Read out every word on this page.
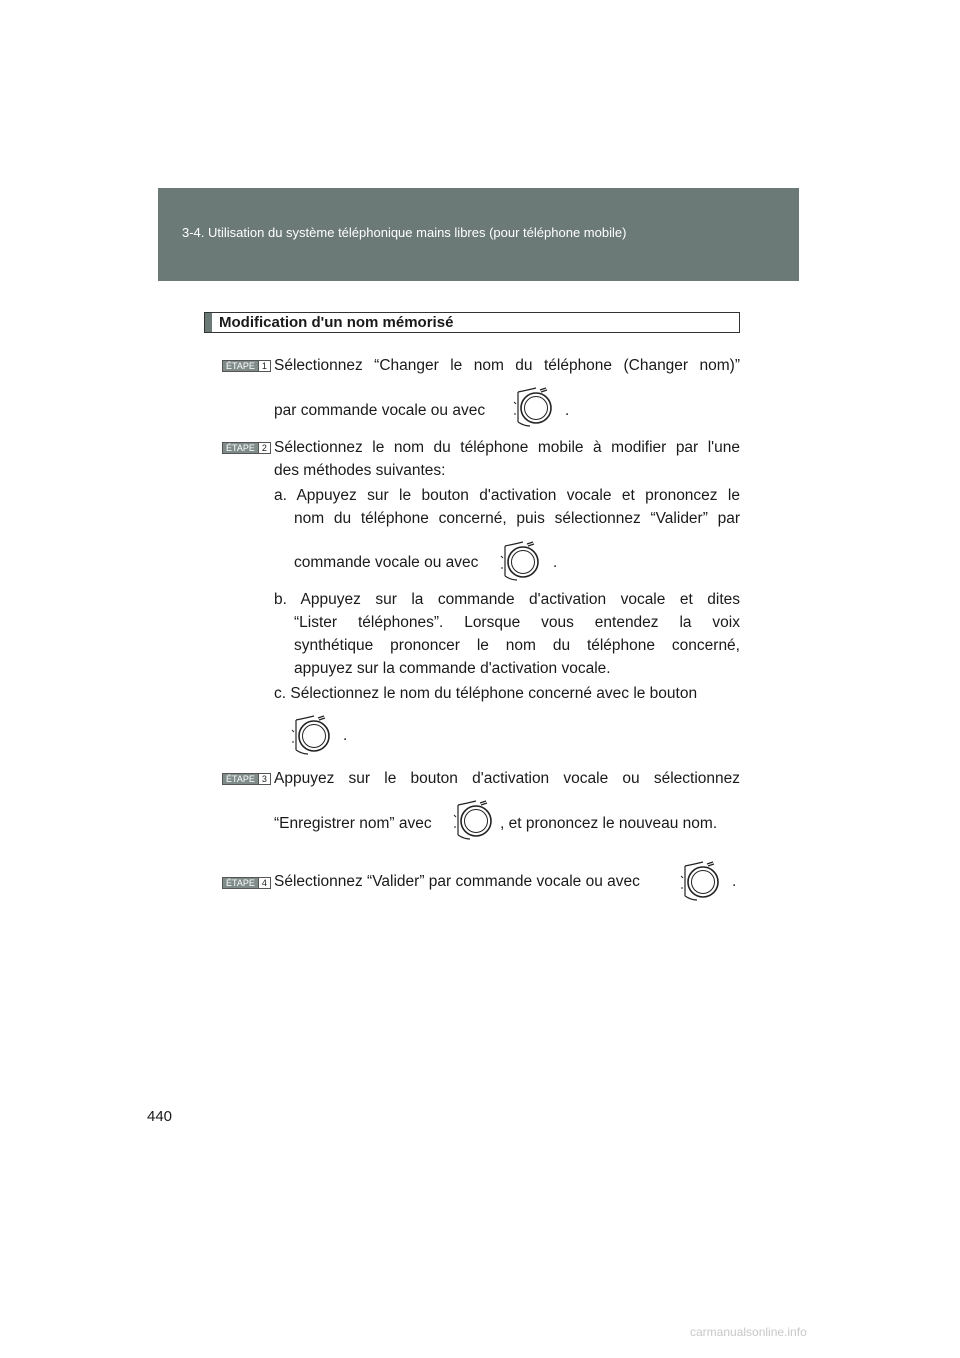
3-4. Utilisation du système téléphonique mains libres (pour téléphone mobile)
Modification d'un nom mémorisé
ÉTAPE 1 Sélectionnez “Changer le nom du téléphone (Changer nom)”
par commande vocale ou avec	.
ÉTAPE 2 Sélectionnez le nom du téléphone mobile à modifier par l'une
des méthodes suivantes:
a. Appuyez sur le bouton d'activation vocale et prononcez le
nom du téléphone concerné, puis sélectionnez “Valider” par
commande vocale ou avec	.
b. Appuyez sur la commande d'activation vocale et dites
“Lister téléphones”. Lorsque vous entendez la voix
synthétique prononcer le nom du téléphone concerné,
appuyez sur la commande d'activation vocale.
c. Sélectionnez le nom du téléphone concerné avec le bouton
.
ÉTAPE 3 Appuyez sur le bouton d'activation vocale ou sélectionnez
“Enregistrer nom” avec	, et prononcez le nouveau nom.
ÉTAPE 4 Sélectionnez “Valider” par commande vocale ou avec	.
440
carmanualsonline.info
